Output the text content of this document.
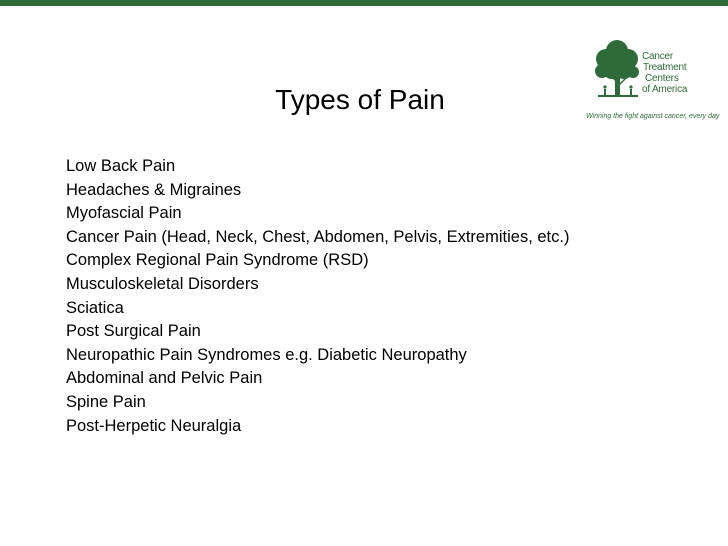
Cancer
Treatment
Centers
of America
Winning the fight against cancer, every day
Types of Pain
Low Back Pain
Headaches & Migraines
Myofascial Pain
Cancer Pain (Head, Neck, Chest, Abdomen, Pelvis, Extremities, etc.)
Complex Regional Pain Syndrome (RSD)
Musculoskeletal Disorders
Sciatica
Post Surgical Pain
Neuropathic Pain Syndromes e.g. Diabetic Neuropathy
Abdominal and Pelvic Pain
Spine Pain
Post-Herpetic Neuralgia
